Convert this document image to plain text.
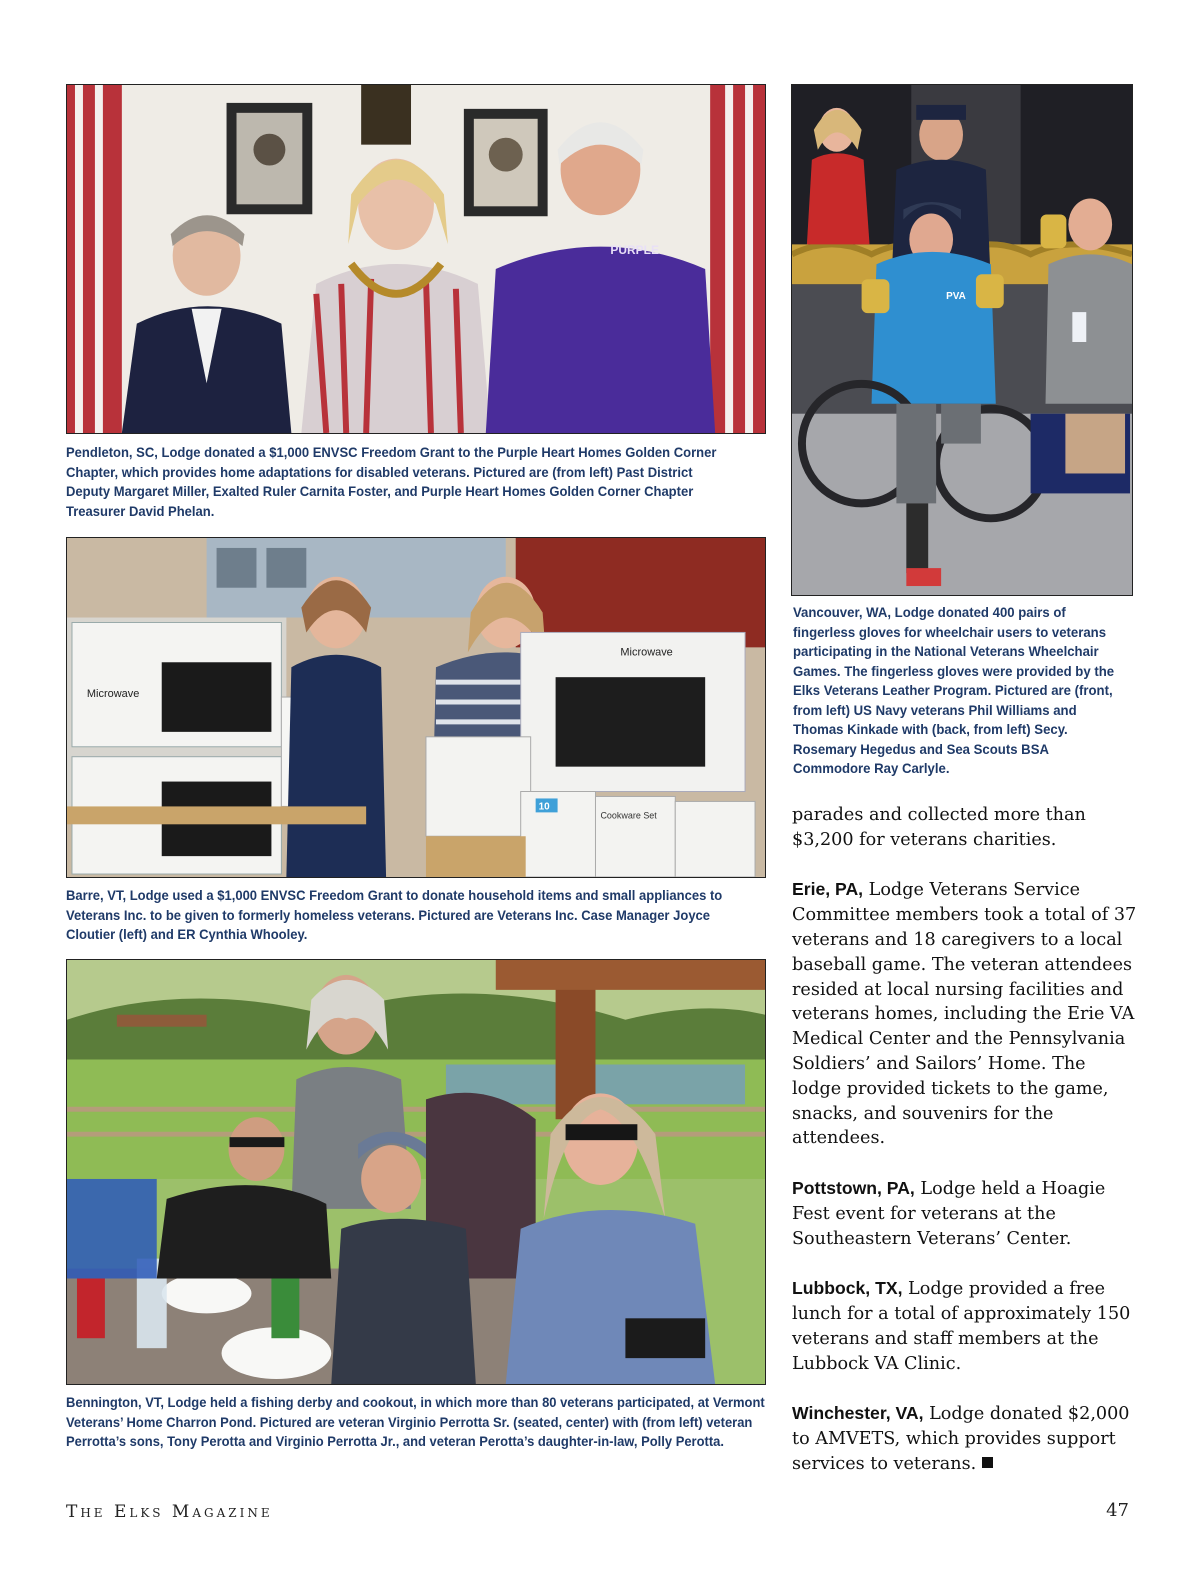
PURPLE
Pendleton, SC, Lodge donated a $1,000 ENVSC Freedom Grant to the Purple Heart Homes Golden Corner Chapter, which provides home adaptations for disabled veterans. Pictured are (from left) Past District Deputy Margaret Miller, Exalted Ruler Carnita Foster, and Purple Heart Homes Golden Corner Chapter Treasurer David Phelan.
Microwave
Microwave
10
Cookware Set
Barre, VT, Lodge used a $1,000 ENVSC Freedom Grant to donate household items and small appliances to Veterans Inc. to be given to formerly homeless veterans. Pictured are Veterans Inc. Case Manager Joyce Cloutier (left) and ER Cynthia Whooley.
Bennington, VT, Lodge held a fishing derby and cookout, in which more than 80 veterans participated, at Vermont Veterans’ Home Charron Pond. Pictured are veteran Virginio Perrotta Sr. (seated, center) with (from left) veteran Perrotta’s sons, Tony Perotta and Virginio Perrotta Jr., and veteran Perotta’s daughter-in-law, Polly Perotta.
PVA
Vancouver, WA, Lodge donated 400 pairs of fingerless gloves for wheelchair users to veterans participating in the National Veterans Wheelchair Games. The fingerless gloves were provided by the Elks Veterans Leather Program. Pictured are (front, from left) US Navy veterans Phil Williams and Thomas Kinkade with (back, from left) Secy. Rosemary Hegedus and Sea Scouts BSA Commodore Ray Carlyle.

parades and collected more than $3,200 for veterans charities.

Erie, PA, Lodge Veterans Service Committee members took a total of 37 veterans and 18 caregivers to a local baseball game. The veteran attendees resided at local nursing facilities and veterans homes, including the Erie VA Medical Center and the Pennsylvania Soldiers’ and Sailors’ Home. The lodge provided tickets to the game, snacks, and souvenirs for the attendees.

Pottstown, PA, Lodge held a Hoagie Fest event for veterans at the Southeastern Veterans’ Center.

Lubbock, TX, Lodge provided a free lunch for a total of approximately 150 veterans and staff members at the Lubbock VA Clinic.

Winchester, VA, Lodge donated $2,000 to AMVETS, which provides support services to veterans.

The Elks Magazine	47
